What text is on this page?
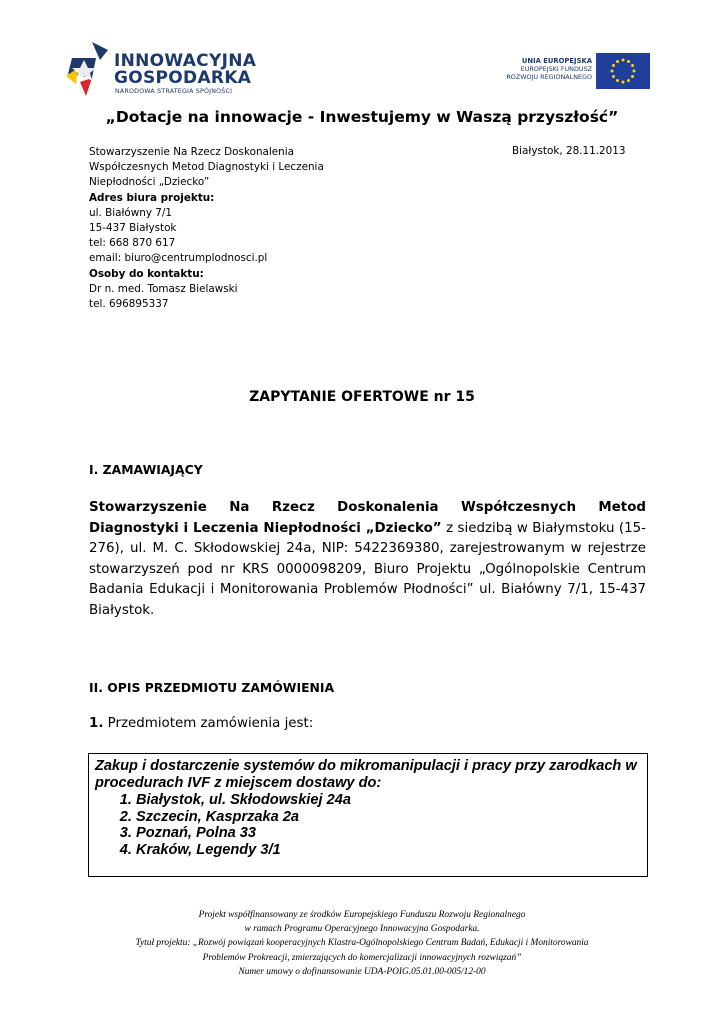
INNOWACYJNA
GOSPODARKA
NARODOWA STRATEGIA SPÓJNOŚCI
UNIA EUROPEJSKA
EUROPEJSKI FUNDUSZ
ROZWOJU REGIONALNEGO
„Dotacje na innowacje - Inwestujemy w Waszą przyszłość”
Stowarzyszenie Na Rzecz Doskonalenia
Współczesnych Metod Diagnostyki i Leczenia
Niepłodności „Dziecko”
Adres biura projektu:
ul. Białówny 7/1
15-437 Białystok
tel: 668 870 617
email: biuro@centrumplodnosci.pl
Osoby do kontaktu:
Dr n. med. Tomasz Bielawski
tel. 696895337
Białystok, 28.11.2013
ZAPYTANIE OFERTOWE nr 15
I. ZAMAWIAJĄCY
Stowarzyszenie Na Rzecz Doskonalenia Współczesnych Metod Diagnostyki i Leczenia Niepłodności „Dziecko” z siedzibą w Białymstoku (15-276), ul. M. C. Skłodowskiej 24a, NIP: 5422369380, zarejestrowanym w rejestrze stowarzyszeń pod nr KRS 0000098209, Biuro Projektu „Ogólnopolskie Centrum Badania Edukacji i Monitorowania Problemów Płodności” ul. Białówny 7/1, 15-437 Białystok.
II. OPIS PRZEDMIOTU ZAMÓWIENIA
1. Przedmiotem zamówienia jest:
Zakup i dostarczenie systemów do mikromanipulacji i pracy przy zarodkach w procedurach IVF z miejscem dostawy do:
1. Białystok, ul. Skłodowskiej 24a
2. Szczecin, Kasprzaka 2a
3. Poznań, Polna 33
4. Kraków, Legendy 3/1
Projekt współfinansowany ze środków Europejskiego Funduszu Rozwoju Regionalnego
w ramach Programu Operacyjnego Innowacyjna Gospodarka.
Tytuł projektu: „Rozwój powiązań kooperacyjnych Klastra-Ogólnopolskiego Centrum Badań, Edukacji i Monitorowania
Problemów Prokreacji, zmierzających do komercjalizacji innowacyjnych rozwiązań”
Numer umowy o dofinansowanie UDA-POIG.05.01.00-005/12-00
